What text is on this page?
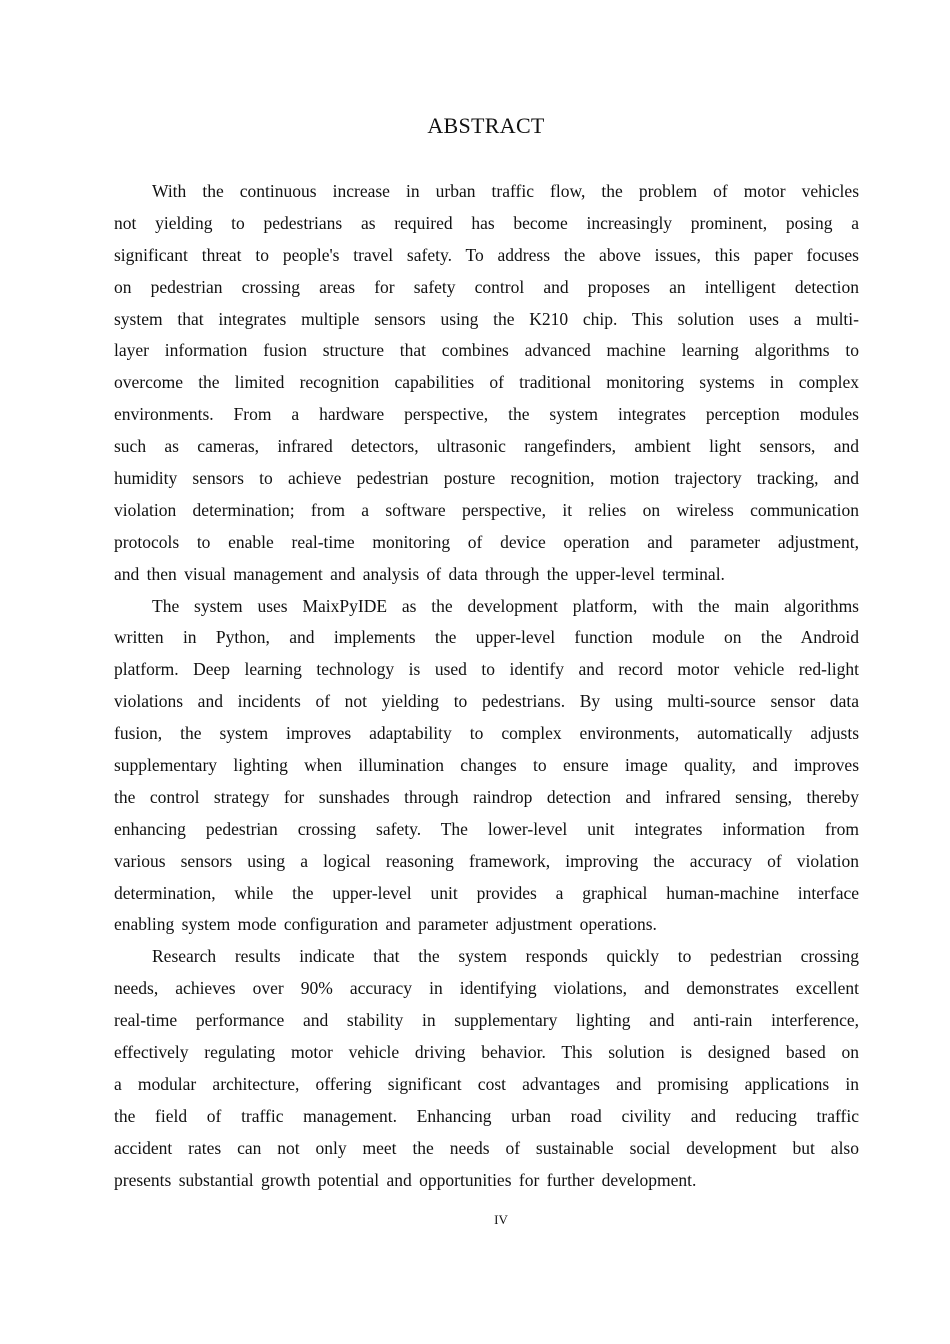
ABSTRACT

With the continuous increase in urban traffic flow, the problem of motor vehicles
not yielding to pedestrians as required has become increasingly prominent, posing a
significant threat to people's travel safety. To address the above issues, this paper focuses
on pedestrian crossing areas for safety control and proposes an intelligent detection
system that integrates multiple sensors using the K210 chip. This solution uses a multi-
layer information fusion structure that combines advanced machine learning algorithms to
overcome the limited recognition capabilities of traditional monitoring systems in complex
environments. From a hardware perspective, the system integrates perception modules
such as cameras, infrared detectors, ultrasonic rangefinders, ambient light sensors, and
humidity sensors to achieve pedestrian posture recognition, motion trajectory tracking, and
violation determination; from a software perspective, it relies on wireless communication
protocols to enable real-time monitoring of device operation and parameter adjustment,
and then visual management and analysis of data through the upper-level terminal.

The system uses MaixPyIDE as the development platform, with the main algorithms
written in Python, and implements the upper-level function module on the Android
platform. Deep learning technology is used to identify and record motor vehicle red-light
violations and incidents of not yielding to pedestrians. By using multi-source sensor data
fusion, the system improves adaptability to complex environments, automatically adjusts
supplementary lighting when illumination changes to ensure image quality, and improves
the control strategy for sunshades through raindrop detection and infrared sensing, thereby
enhancing pedestrian crossing safety. The lower-level unit integrates information from
various sensors using a logical reasoning framework, improving the accuracy of violation
determination, while the upper-level unit provides a graphical human-machine interface
enabling system mode configuration and parameter adjustment operations.

Research results indicate that the system responds quickly to pedestrian crossing
needs, achieves over 90% accuracy in identifying violations, and demonstrates excellent
real-time performance and stability in supplementary lighting and anti-rain interference,
effectively regulating motor vehicle driving behavior. This solution is designed based on
a modular architecture, offering significant cost advantages and promising applications in
the field of traffic management. Enhancing urban road civility and reducing traffic
accident rates can not only meet the needs of sustainable social development but also
presents substantial growth potential and opportunities for further development.

IV
